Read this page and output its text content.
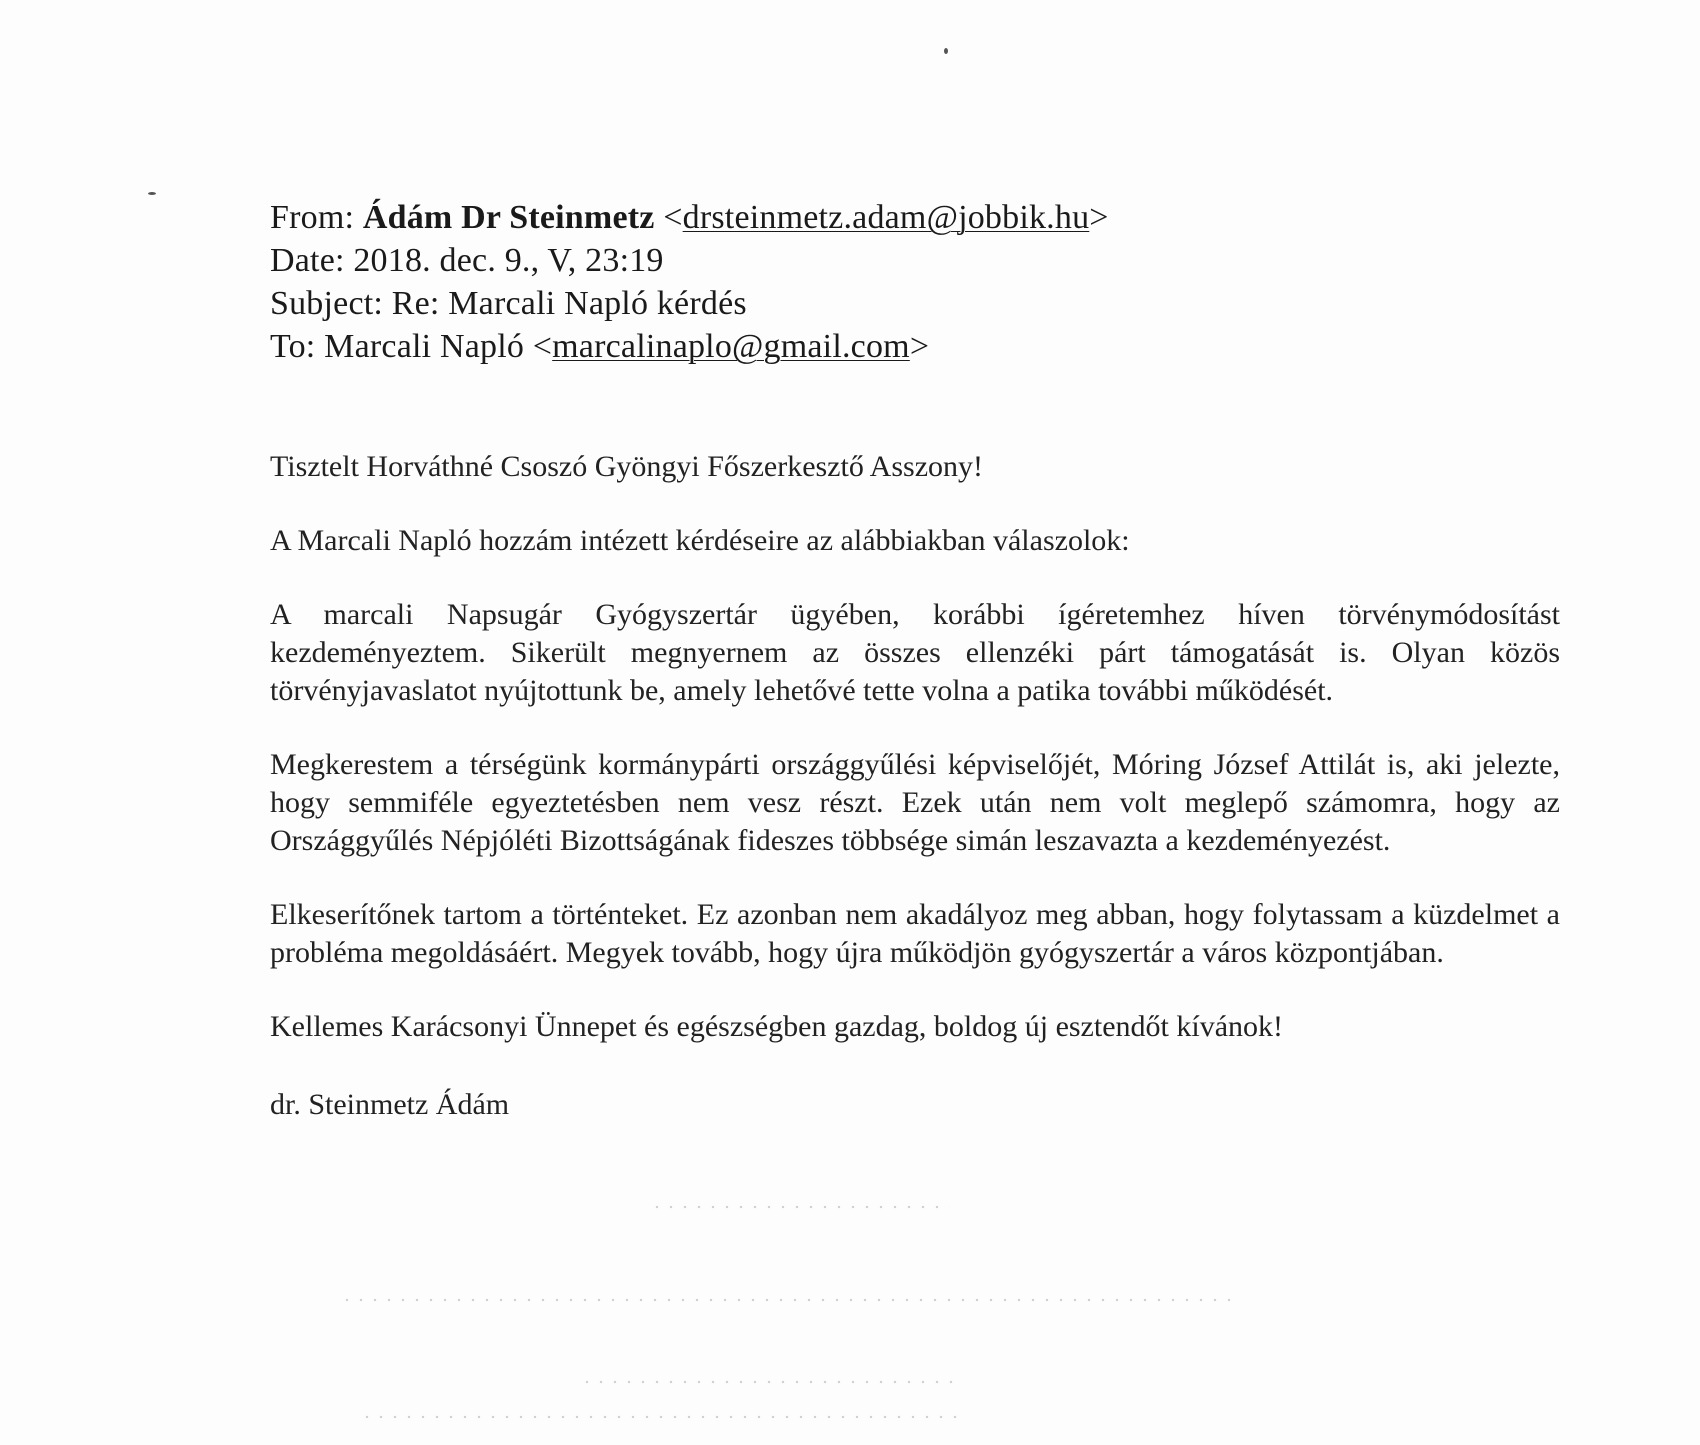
From: Ádám Dr Steinmetz <drsteinmetz.adam@jobbik.hu>
Date: 2018. dec. 9., V, 23:19
Subject: Re: Marcali Napló kérdés
To: Marcali Napló <marcalinaplo@gmail.com>

Tisztelt Horváthné Csoszó Gyöngyi Főszerkesztő Asszony!

A Marcali Napló hozzám intézett kérdéseire az alábbiakban válaszolok:

A marcali Napsugár Gyógyszertár ügyében, korábbi ígéretemhez híven törvénymódosítást kezdeményeztem. Sikerült megnyernem az összes ellenzéki párt támogatását is. Olyan közös törvényjavaslatot nyújtottunk be, amely lehetővé tette volna a patika további működését.

Megkerestem a térségünk kormánypárti országgyűlési képviselőjét, Móring József Attilát is, aki jelezte, hogy semmiféle egyeztetésben nem vesz részt. Ezek után nem volt meglepő számomra, hogy az Országgyűlés Népjóléti Bizottságának fideszes többsége simán leszavazta a kezdeményezést.

Elkeserítőnek tartom a történteket. Ez azonban nem akadályoz meg abban, hogy folytassam a küzdelmet a probléma megoldásáért. Megyek tovább, hogy újra működjön gyógyszertár a város központjában.

Kellemes Karácsonyi Ünnepet és egészségben gazdag, boldog új esztendőt kívánok!

dr. Steinmetz Ádám
